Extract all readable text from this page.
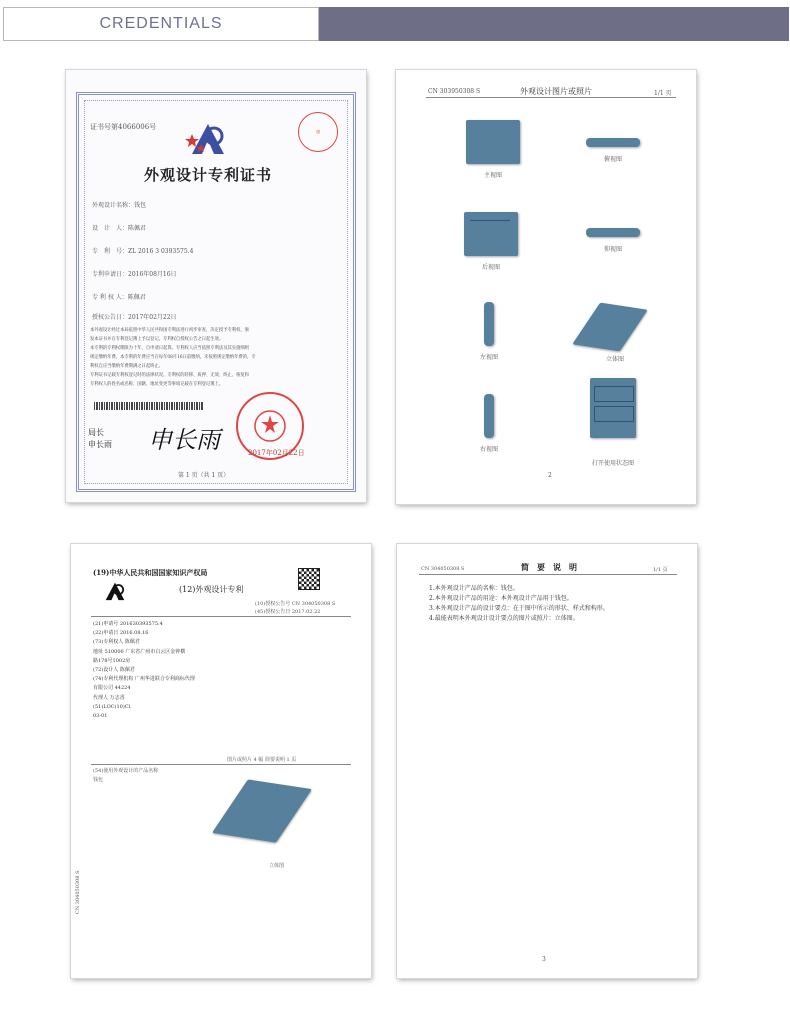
CREDENTIALS
证书号第4066006号
◎
外观设计专利证书
外观设计名称：钱包
设　计　人：陈佩君
专　利　号：ZL 2016 3 0393575.4
专利申请日：2016年08月16日
专 利 权 人：陈佩君
授权公告日：2017年02月22日
本外观设计经过本局依照中华人民共和国专利法进行初步审查，决定授予专利权，颁
发本证书并在专利登记簿上予以登记。专利权自授权公告之日起生效。
本专利的专利权期限为十年，自申请日起算。专利权人应当依照专利法及其实施细则
规定缴纳年费。本专利的年费应当在每年08月16日前缴纳。未按照规定缴纳年费的，专
利权自应当缴纳年费期满之日起终止。
专利证书记载专利权登记时的法律状况。专利权的转移、质押、无效、终止、恢复和
专利权人的姓名或名称、国籍、地址变更等事项记载在专利登记簿上。
局长
申长雨 申长雨	2017年02月22日
第 1 页（共 1 页）
CN 303950308 S	外观设计图片或照片	1/1 页
主视图
俯视图
后视图
仰视图
左视图	立体图
右视图
打开使用状态图
2
(19)中华人民共和国国家知识产权局
(12)外观设计专利
(10)授权公告号 CN 304050308 S
(45)授权公告日 2017.02.22
(21)申请号 201630393575.4
(22)申请日 2016.08.16
(73)专利权人 陈佩君
地址 510000 广东省广州市白云区金钟横
路178号1002房
(72)设计人 陈佩君
(74)专利代理机构 广州华进联合专利商标代理
有限公司 44224
代理人 万志香
(51)LOC(10)Cl.
03-01
图片或照片 4 幅 简要说明 1 页
(54)使用外观设计的产品名称
钱包
立体图
CN 304050308 S
CN 304050308 S	简　要　说　明	1/1 页
1.本外观设计产品的名称：钱包。
2.本外观设计产品的用途：本外观设计产品用于钱包。
3.本外观设计产品的设计要点：在于图中所示的形状、样式和构形。
4.最能表明本外观设计设计要点的图片或照片：立体图。
3
